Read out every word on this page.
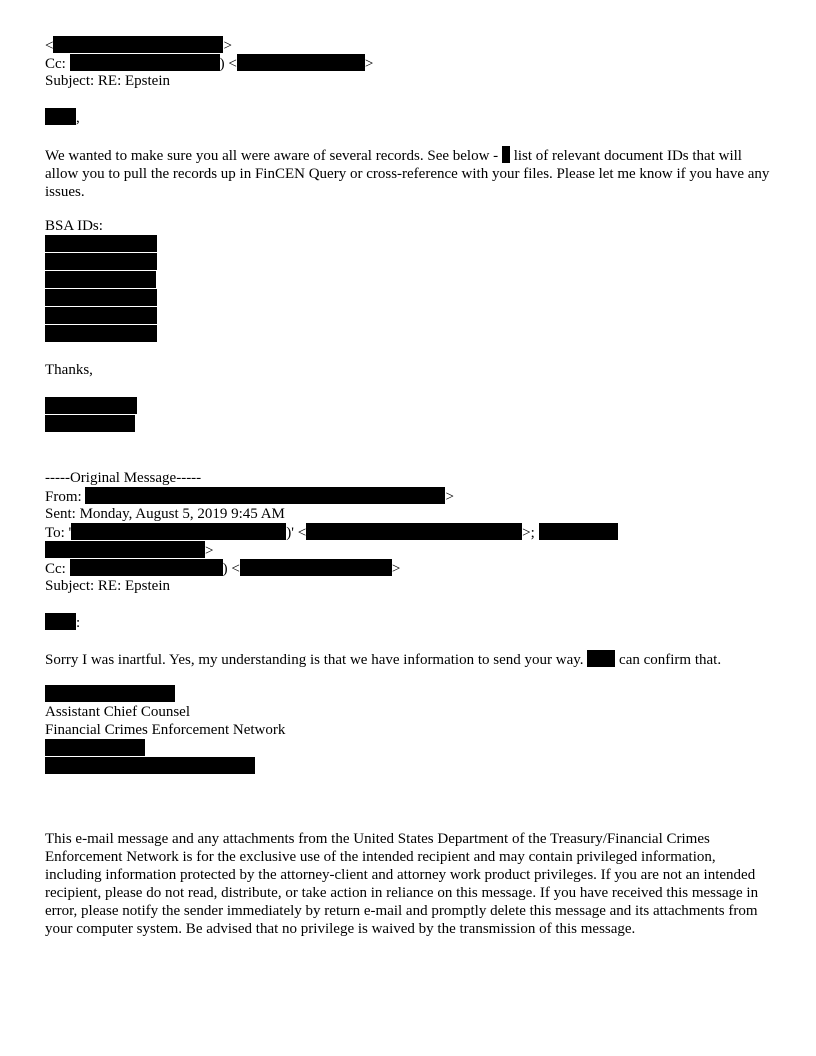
<	>
Cc:	) <	>
Subject: RE: Epstein
,
We wanted to make sure you all were aware of several records. See below - list of relevant document IDs that will allow you to pull the records up in FinCEN Query or cross-reference with your files. Please let me know if you have any issues.
BSA IDs:
Thanks,
-----Original Message-----
From:	>
Sent: Monday, August 5, 2019 9:45 AM
To: '	)' <	>;
>
Cc:	) <	>
Subject: RE: Epstein
:
Sorry I was inartful. Yes, my understanding is that we have information to send your way. can confirm that.
Assistant Chief Counsel
Financial Crimes Enforcement Network
This e-mail message and any attachments from the United States Department of the Treasury/Financial Crimes Enforcement Network is for the exclusive use of the intended recipient and may contain privileged information, including information protected by the attorney-client and attorney work product privileges. If you are not an intended recipient, please do not read, distribute, or take action in reliance on this message. If you have received this message in error, please notify the sender immediately by return e-mail and promptly delete this message and its attachments from your computer system. Be advised that no privilege is waived by the transmission of this message.
